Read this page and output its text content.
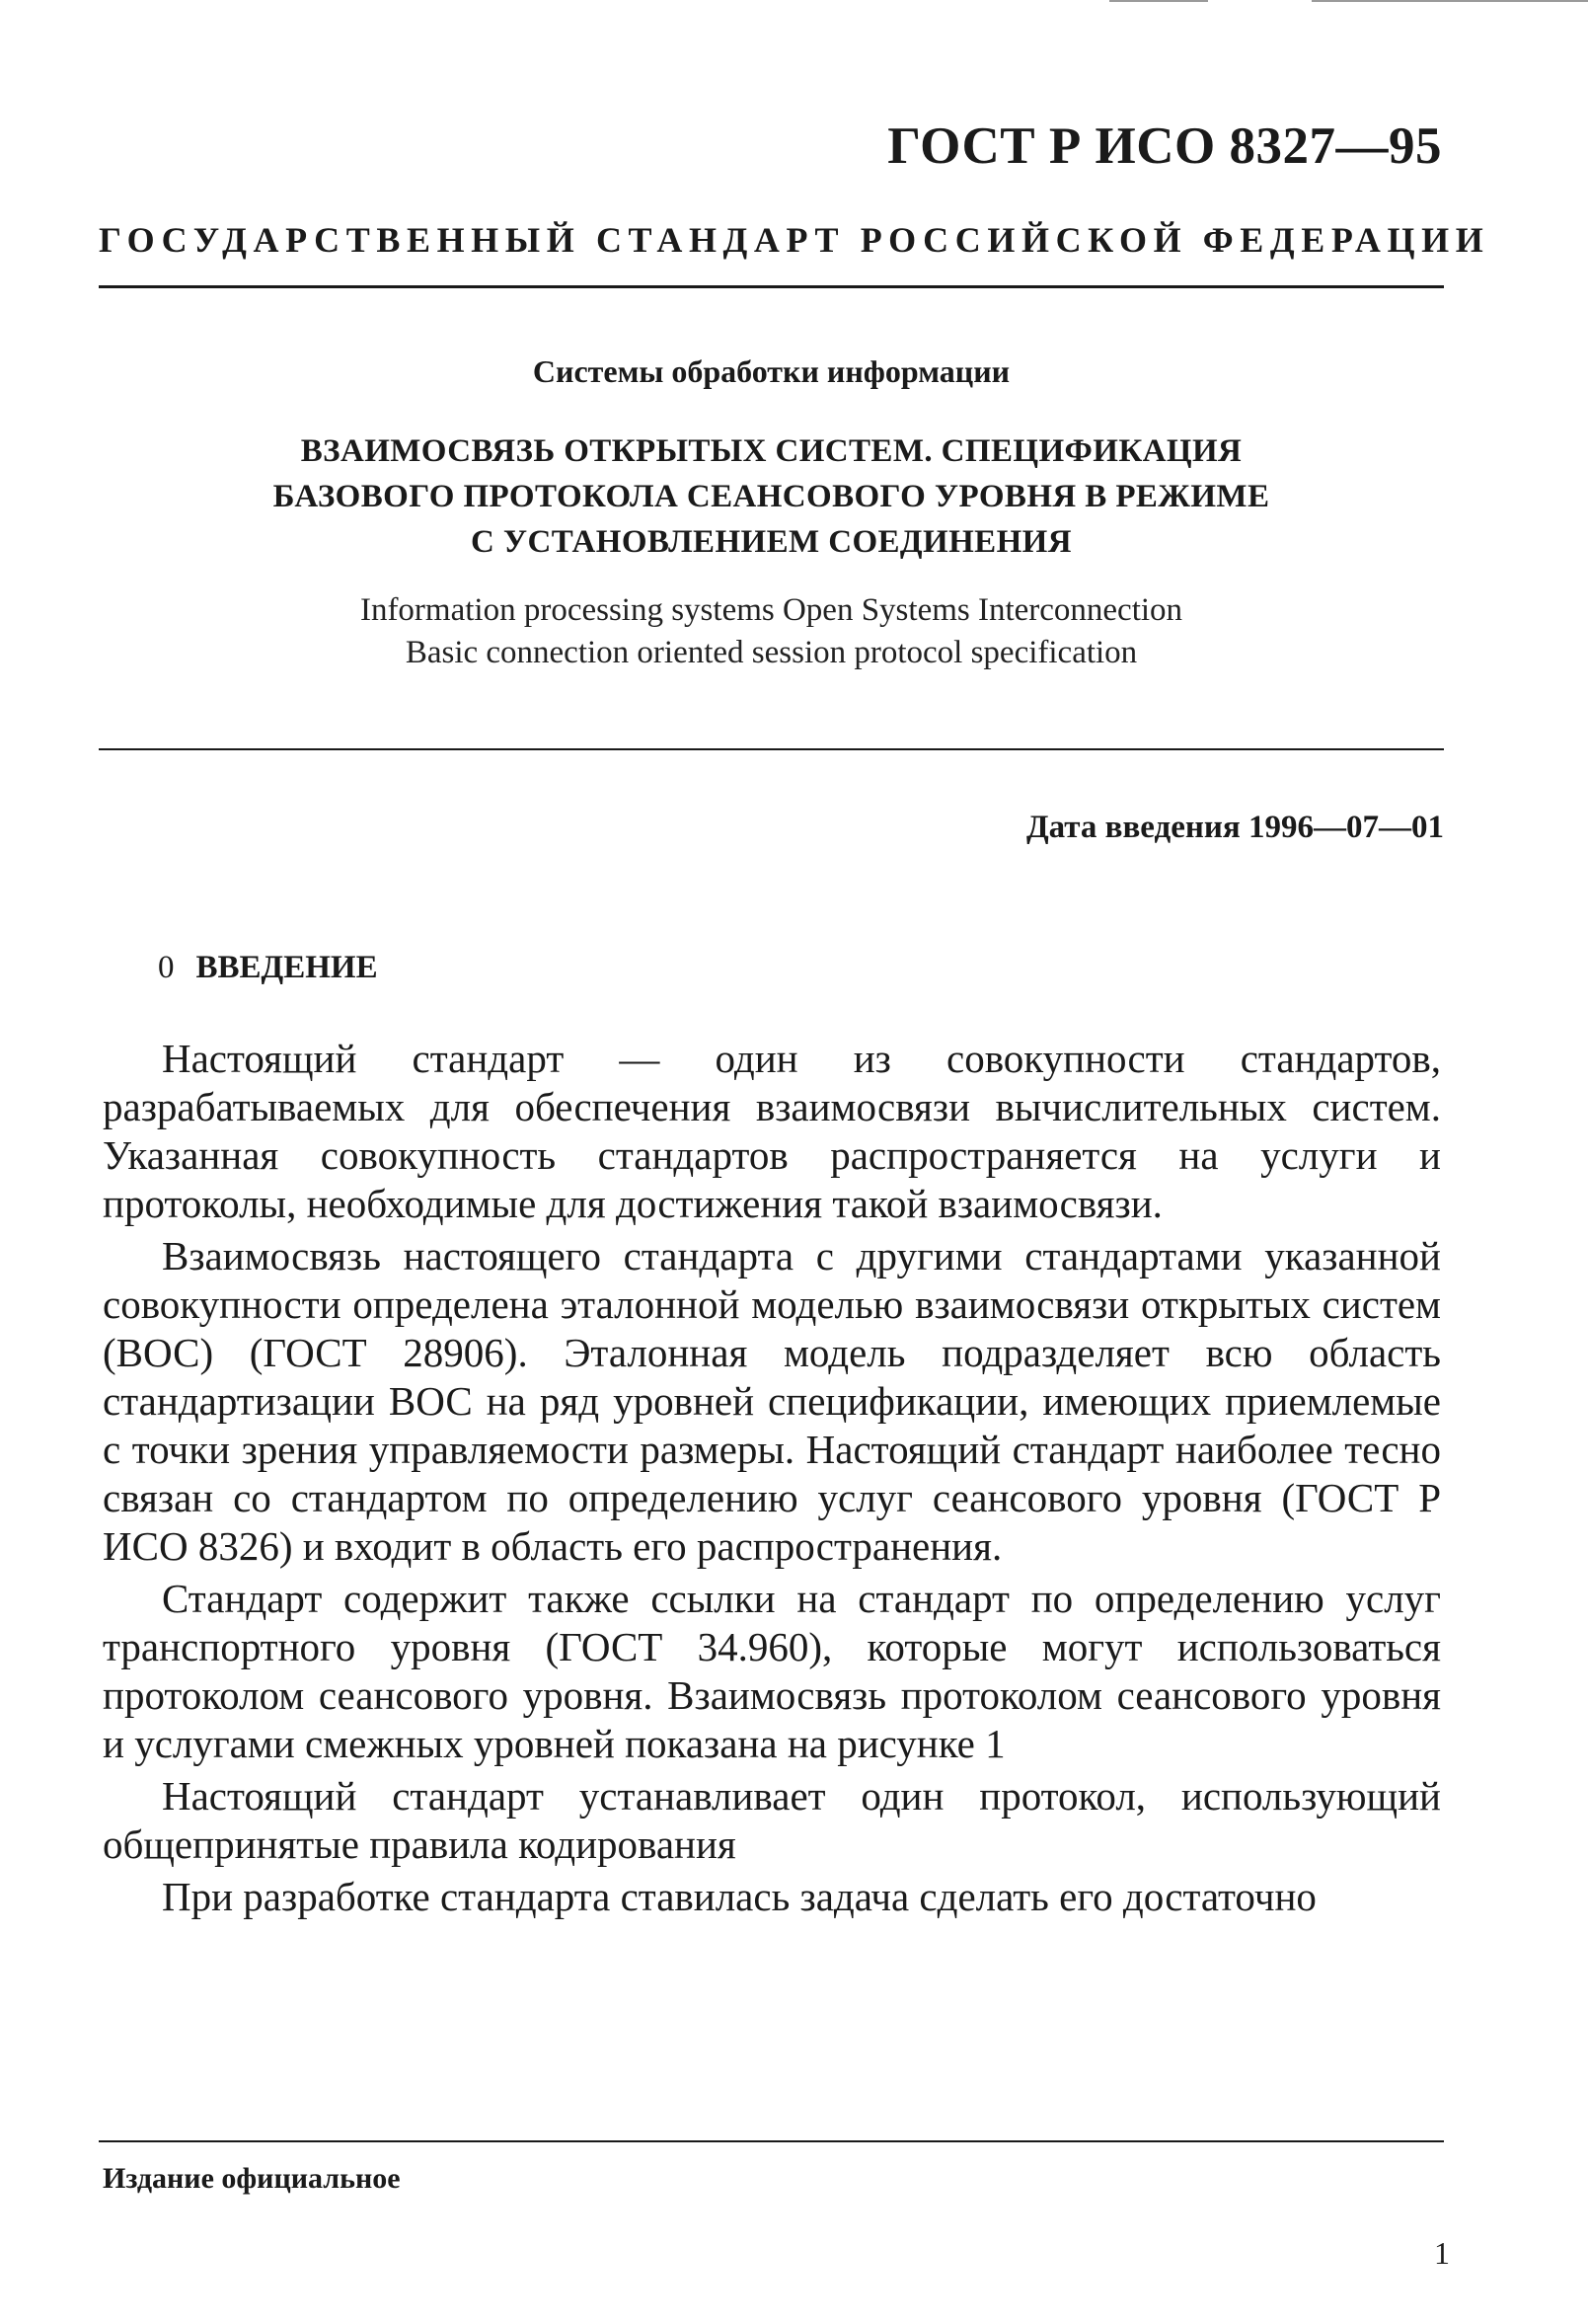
ГОСТ Р ИСО 8327—95
ГОСУДАРСТВЕННЫЙ СТАНДАРТ РОССИЙСКОЙ ФЕДЕРАЦИИ
Системы обработки информации
ВЗАИМОСВЯЗЬ ОТКРЫТЫХ СИСТЕМ. СПЕЦИФИКАЦИЯ
БАЗОВОГО ПРОТОКОЛА СЕАНСОВОГО УРОВНЯ В РЕЖИМЕ
С УСТАНОВЛЕНИЕМ СОЕДИНЕНИЯ
Information processing systems Open Systems Interconnection
Basic connection oriented session protocol specification
Дата введения 1996—07—01
0 ВВЕДЕНИЕ

Настоящий стандарт — один из совокупности стандартов, разрабатываемых для обеспечения взаимосвязи вычислительных систем. Указанная совокупность стандартов распространяется на услуги и протоколы, необходимые для достижения такой взаимосвязи.

Взаимосвязь настоящего стандарта с другими стандартами указанной совокупности определена эталонной моделью взаимосвязи открытых систем (ВОС) (ГОСТ 28906). Эталонная модель подразделяет всю область стандартизации ВОС на ряд уровней спецификации, имеющих приемлемые с точки зрения управляемости размеры. Настоящий стандарт наиболее тесно связан со стандартом по определению услуг сеансового уровня (ГОСТ Р ИСО 8326) и входит в область его распространения.

Стандарт содержит также ссылки на стандарт по определению услуг транспортного уровня (ГОСТ 34.960), которые могут использоваться протоколом сеансового уровня. Взаимосвязь протоколом сеансового уровня и услугами смежных уровней показана на рисунке 1

Настоящий стандарт устанавливает один протокол, использующий общепринятые правила кодирования

При разработке стандарта ставилась задача сделать его достаточно

Издание официальное
1
